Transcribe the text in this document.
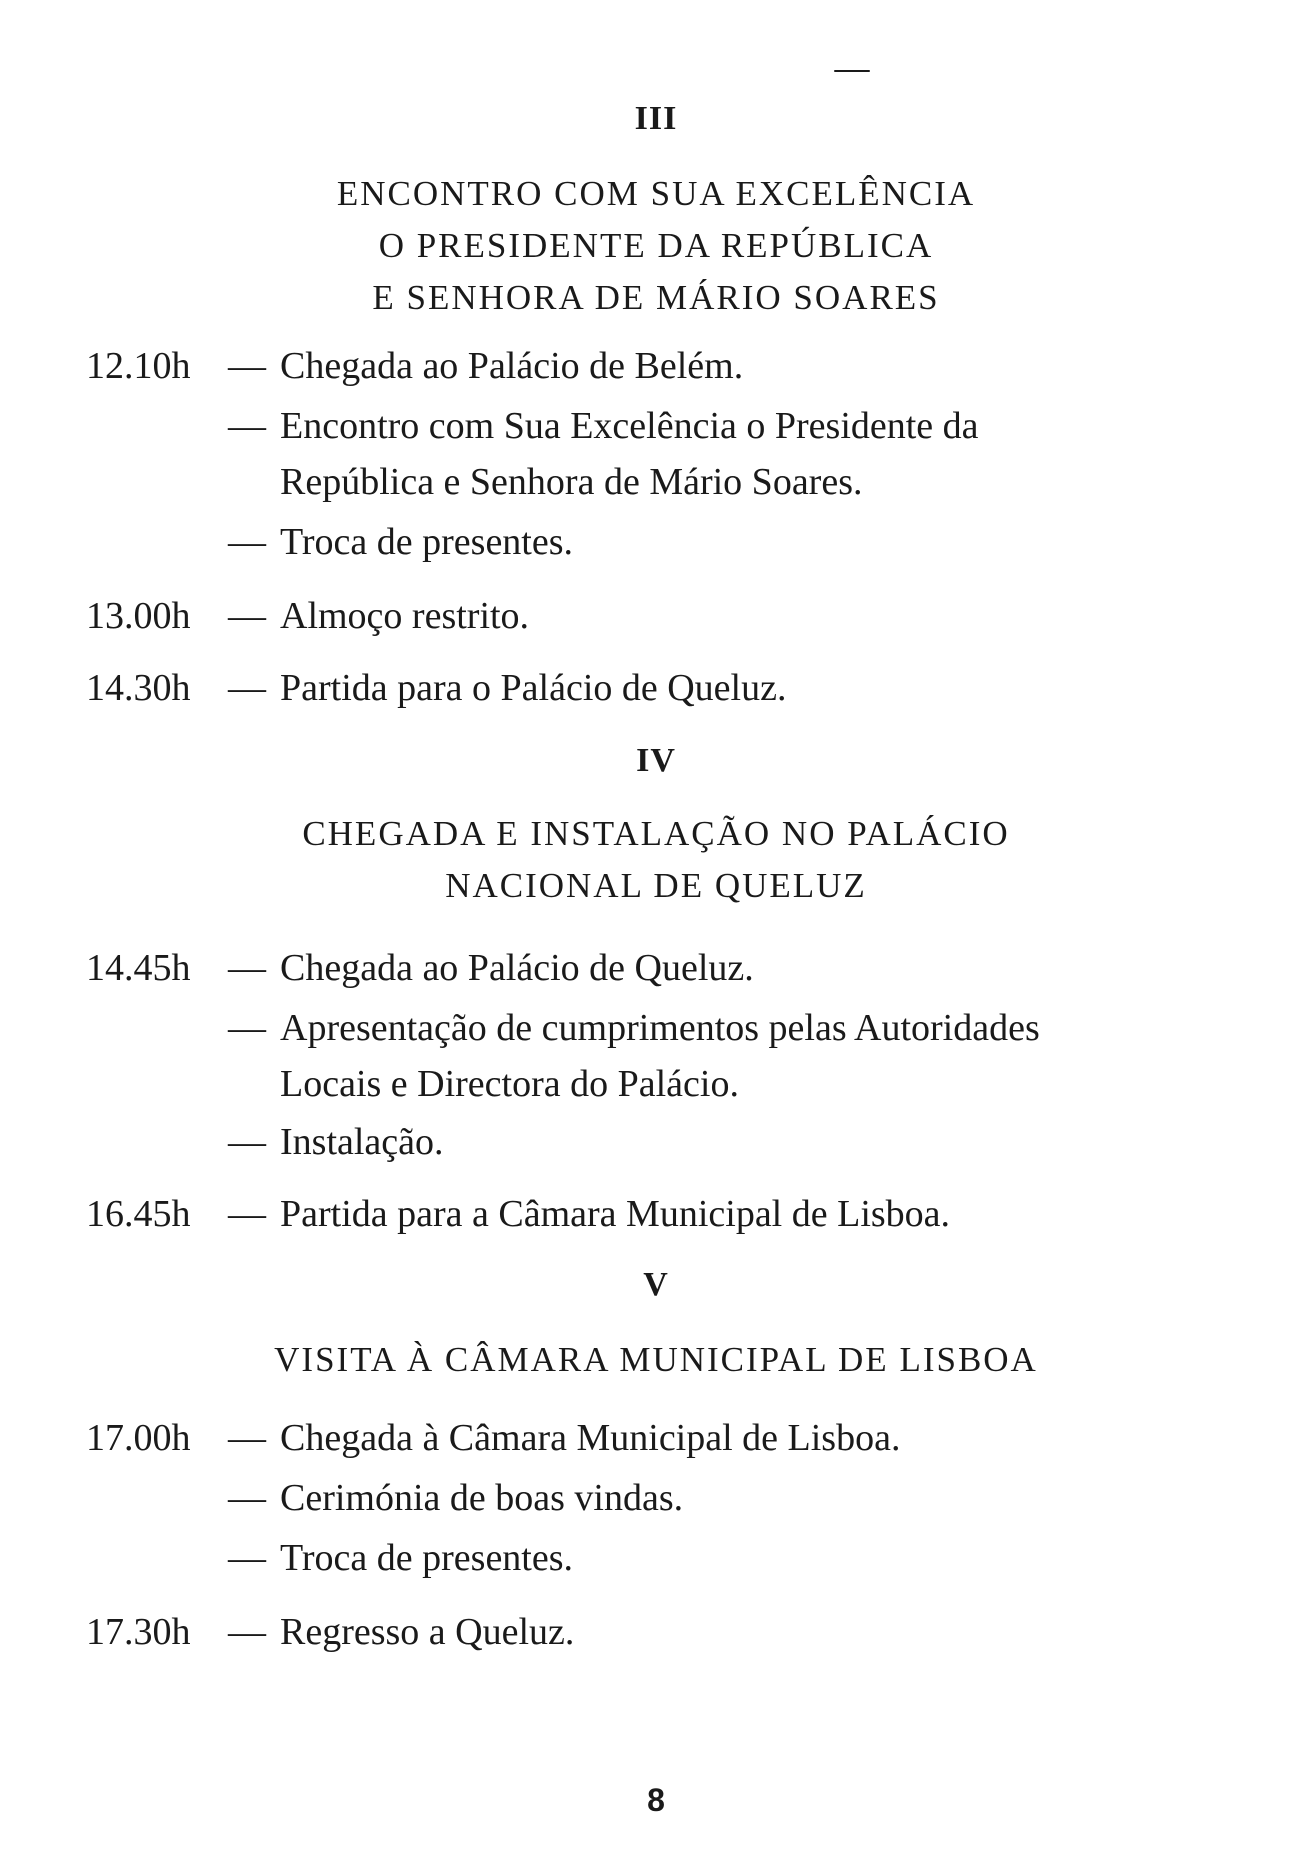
III
ENCONTRO COM SUA EXCELÊNCIA
O PRESIDENTE DA REPÚBLICA
E SENHORA DE MÁRIO SOARES
12.10h — Chegada ao Palácio de Belém.
— Encontro com Sua Excelência o Presidente da
República e Senhora de Mário Soares.
— Troca de presentes.
13.00h — Almoço restrito.
14.30h — Partida para o Palácio de Queluz.
IV
CHEGADA E INSTALAÇÃO NO PALÁCIO
NACIONAL DE QUELUZ
14.45h — Chegada ao Palácio de Queluz.
— Apresentação de cumprimentos pelas Autoridades
Locais e Directora do Palácio.
— Instalação.
16.45h — Partida para a Câmara Municipal de Lisboa.
V
VISITA À CÂMARA MUNICIPAL DE LISBOA
17.00h — Chegada à Câmara Municipal de Lisboa.
— Cerimónia de boas vindas.
— Troca de presentes.
17.30h — Regresso a Queluz.
8
